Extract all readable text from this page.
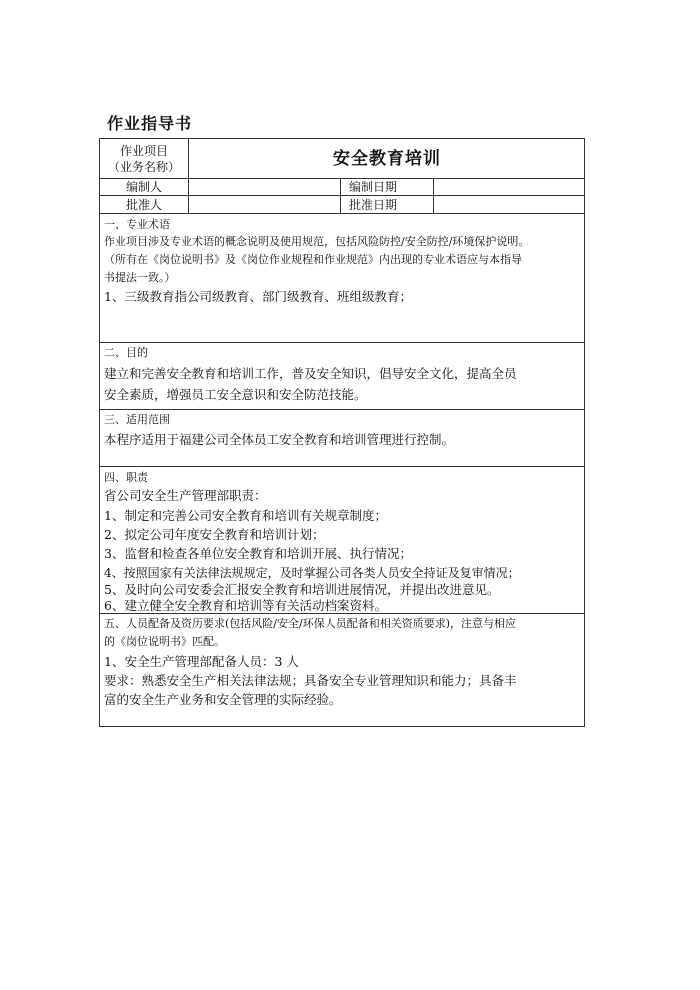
作业指导书
作业项目
（业务名称）	安全教育培训
编制人	编制日期
批准人	批准日期
一、专业术语
作业项目涉及专业术语的概念说明及使用规范，包括风险防控/安全防控/环境保护说明。
（所有在《岗位说明书》及《岗位作业规程和作业规范》内出现的专业术语应与本指导
书提法一致。）
1、三级教育指公司级教育、部门级教育、班组级教育；
二、目的
建立和完善安全教育和培训工作，普及安全知识，倡导安全文化，提高全员
安全素质，增强员工安全意识和安全防范技能。
三、适用范围
本程序适用于福建公司全体员工安全教育和培训管理进行控制。
四、职责
省公司安全生产管理部职责：
1、制定和完善公司安全教育和培训有关规章制度；
2、拟定公司年度安全教育和培训计划；
3、监督和检查各单位安全教育和培训开展、执行情况；
4、按照国家有关法律法规规定，及时掌握公司各类人员安全持证及复审情况；
5、及时向公司安委会汇报安全教育和培训进展情况，并提出改进意见。
6、建立健全安全教育和培训等有关活动档案资料。
五、人员配备及资历要求(包括风险/安全/环保人员配备和相关资质要求)，注意与相应
的《岗位说明书》匹配。
1、安全生产管理部配备人员：3 人
要求：熟悉安全生产相关法律法规；具备安全专业管理知识和能力；具备丰
富的安全生产业务和安全管理的实际经验。
